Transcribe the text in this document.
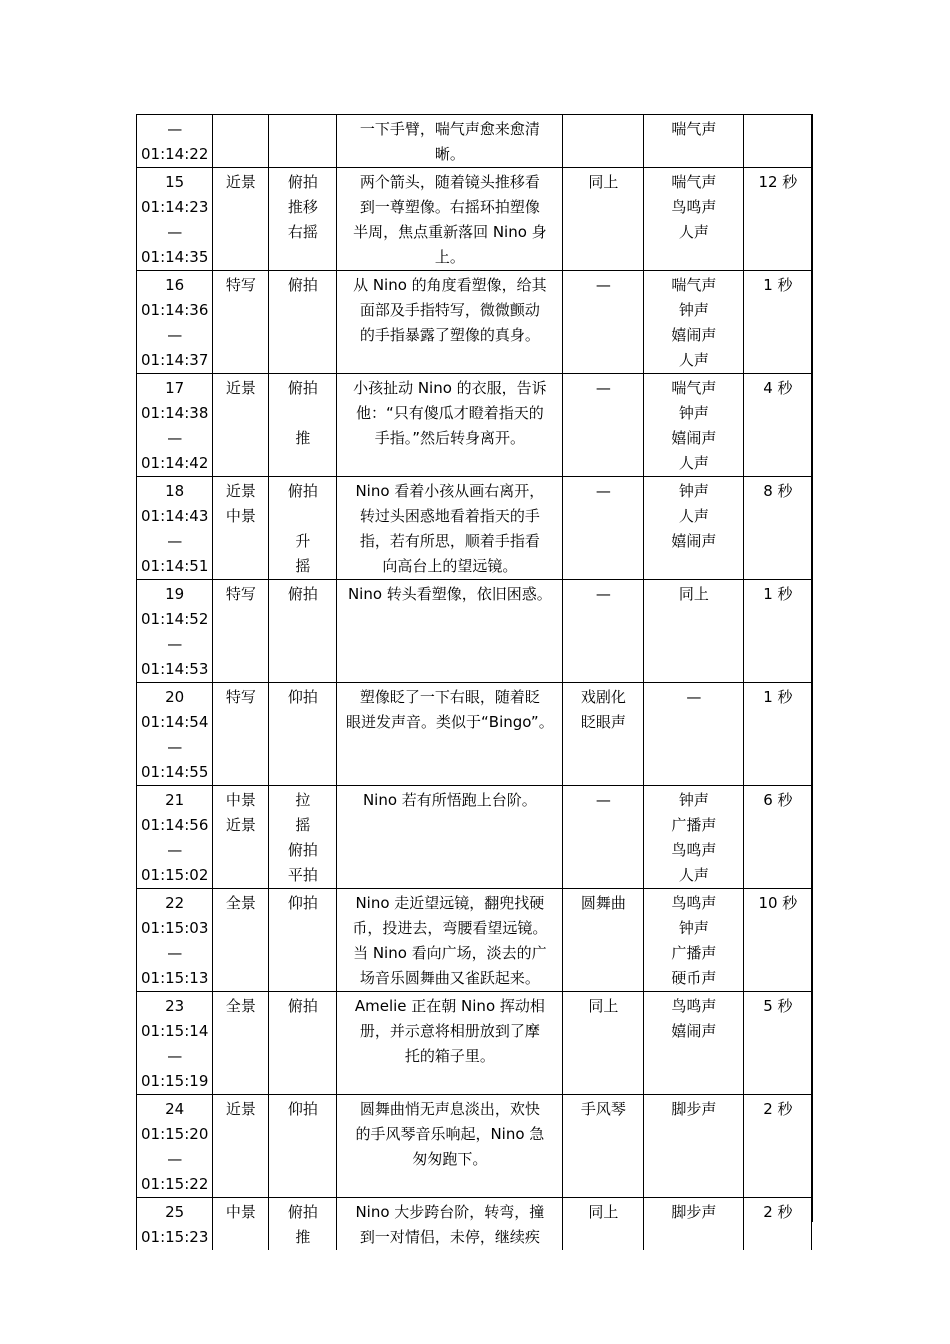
—
01:14:22			一下手臂，喘气声愈来愈清
晰。		喘气声	

15
01:14:23
—
01:14:35	近景	俯拍
推移
右摇	两个箭头，随着镜头推移看
到一尊塑像。右摇环拍塑像
半周，焦点重新落回 Nino 身
上。	同上	喘气声
鸟鸣声
人声	12 秒

16
01:14:36
—
01:14:37	特写	俯拍	从 Nino 的角度看塑像，给其
面部及手指特写，微微颤动
的手指暴露了塑像的真身。	—	喘气声
钟声
嬉闹声
人声	1 秒

17
01:14:38
—
01:14:42	近景	俯拍
推	小孩扯动 Nino 的衣服，告诉
他：“只有傻瓜才瞪着指天的
手指。”然后转身离开。	—	喘气声
钟声
嬉闹声
人声	4 秒

18
01:14:43
—
01:14:51	近景
中景	俯拍
升
摇	Nino 看着小孩从画右离开，
转过头困惑地看着指天的手
指，若有所思，顺着手指看
向高台上的望远镜。	—	钟声
人声
嬉闹声	8 秒

19
01:14:52
—
01:14:53	特写	俯拍	Nino 转头看塑像，依旧困惑。	—	同上	1 秒

20
01:14:54
—
01:14:55	特写	仰拍	塑像眨了一下右眼，随着眨
眼迸发声音。类似于“Bingo”。	戏剧化
眨眼声	—	1 秒

21
01:14:56
—
01:15:02	中景
近景	拉
摇
俯拍
平拍	Nino 若有所悟跑上台阶。	—	钟声
广播声
鸟鸣声
人声	6 秒

22
01:15:03
—
01:15:13	全景	仰拍	Nino 走近望远镜，翻兜找硬
币，投进去，弯腰看望远镜。
当 Nino 看向广场，淡去的广
场音乐圆舞曲又雀跃起来。	圆舞曲	鸟鸣声
钟声
广播声
硬币声	10 秒

23
01:15:14
—
01:15:19	全景	俯拍	Amelie 正在朝 Nino 挥动相
册，并示意将相册放到了摩
托的箱子里。	同上	鸟鸣声
嬉闹声	5 秒

24
01:15:20
—
01:15:22	近景	仰拍	圆舞曲悄无声息淡出，欢快
的手风琴音乐响起，Nino 急
匆匆跑下。	手风琴	脚步声	2 秒

25
01:15:23	中景	俯拍
推	Nino 大步跨台阶，转弯，撞
到一对情侣，未停，继续疾	同上	脚步声	2 秒
